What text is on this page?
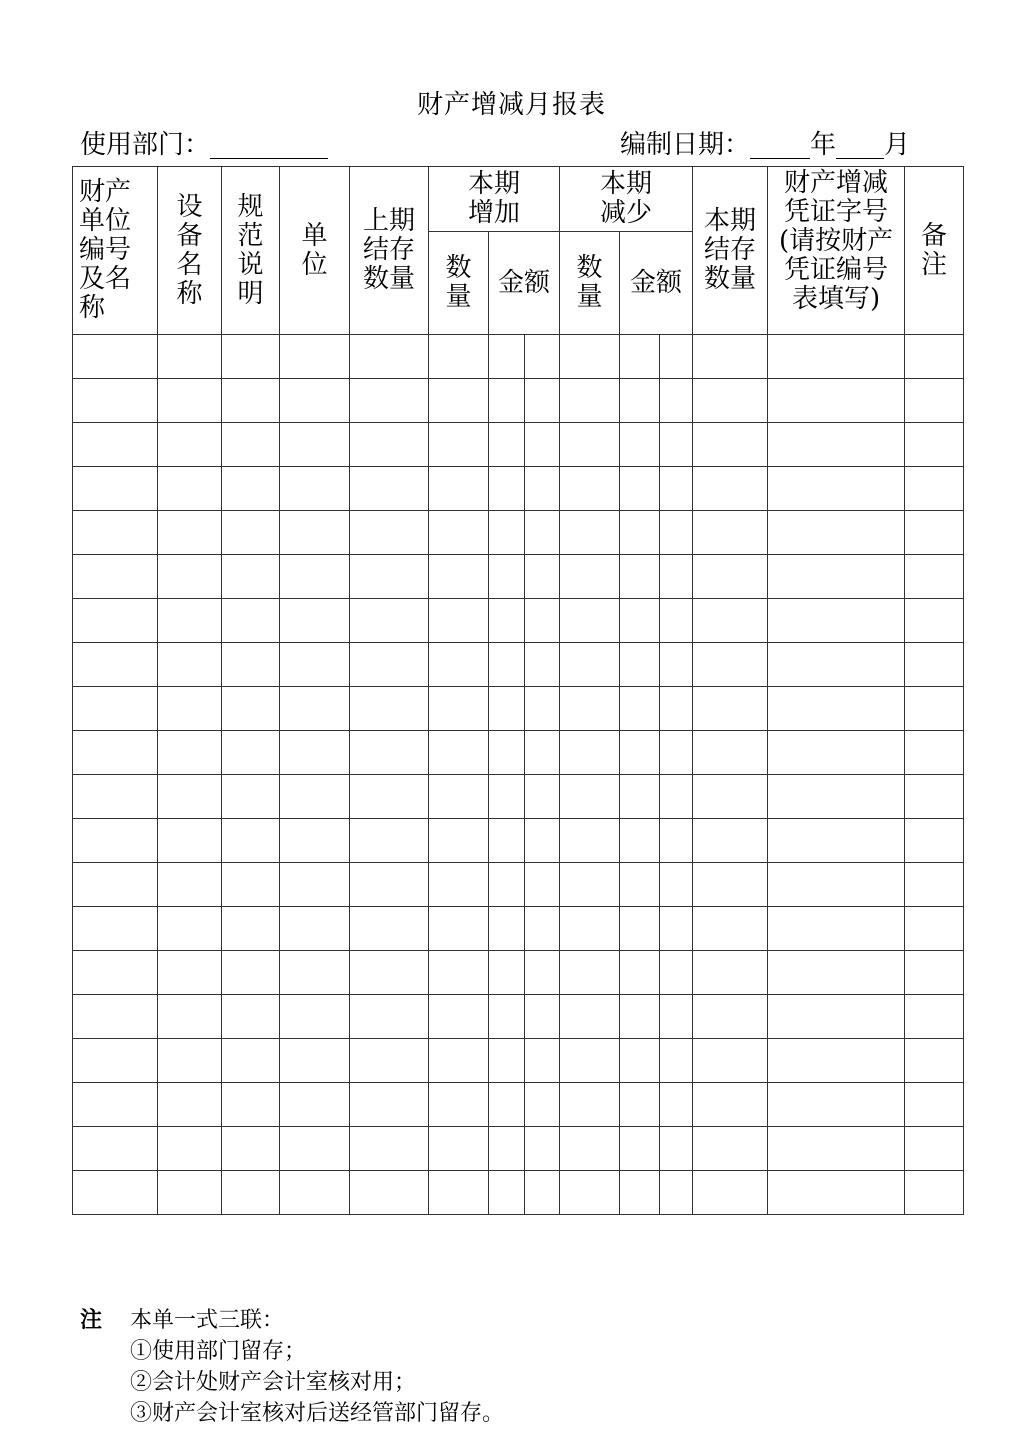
财产增减月报表
使用部门：	编制日期： 年 月
财产单位编号及名称	设备名称	规范说明	单位	上期结存数量	本期增加			本期减少			本期结存数量	财产增减凭证字号(请按财产凭证编号表填写)	备注
					数量	金额		数量	金额				

注 本单一式三联：
①使用部门留存；
②会计处财产会计室核对用；
③财产会计室核对后送经管部门留存。
